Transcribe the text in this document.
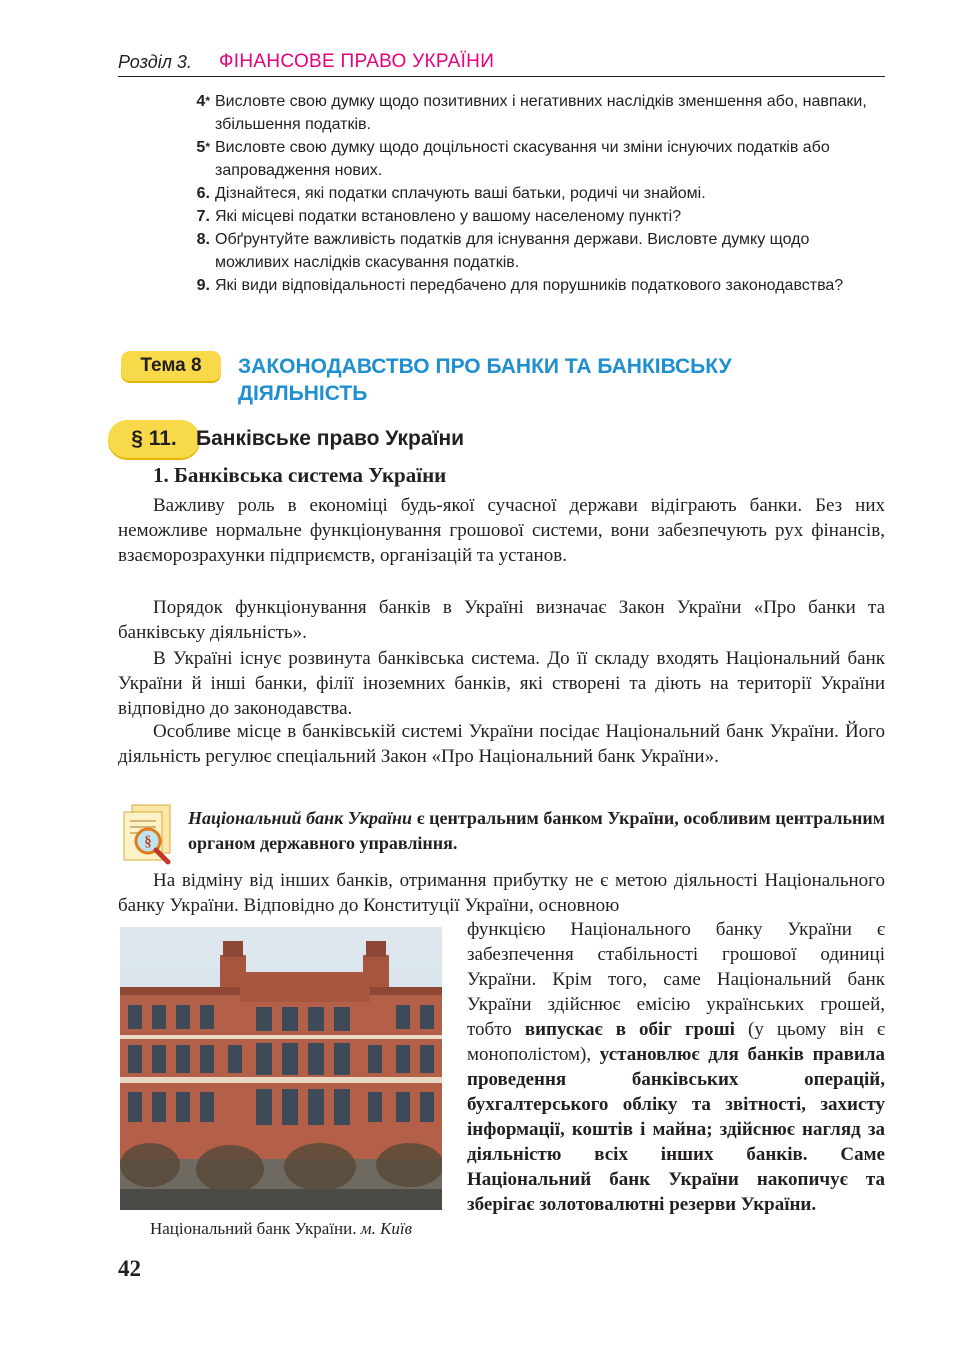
Розділ 3. ФІНАНСОВЕ ПРАВО УКРАЇНИ
4* Висловте свою думку щодо позитивних і негативних наслідків зменшення або, навпаки, збільшення податків.
5* Висловте свою думку щодо доцільності скасування чи зміни існуючих податків або запровадження нових.
6. Дізнайтеся, які податки сплачують ваші батьки, родичі чи знайомі.
7. Які місцеві податки встановлено у вашому населеному пункті?
8. Обґрунтуйте важливість податків для існування держави. Висловте думку щодо можливих наслідків скасування податків.
9. Які види відповідальності передбачено для порушників податкового законодавства?
Тема 8	ЗАКОНОДАВСТВО ПРО БАНКИ ТА БАНКІВСЬКУ ДІЯЛЬНІСТЬ
§ 11. Банківське право України
1. Банківська система України

Важливу роль в економіці будь-якої сучасної держави відіграють банки. Без них неможливе нормальне функціонування грошової системи, вони забезпечують рух фінансів, взаєморозрахунки підприємств, організацій та установ.

Порядок функціонування банків в Україні визначає Закон України «Про банки та банківську діяльність».

В Україні існує розвинута банківська система. До її складу входять Національний банк України й інші банки, філії іноземних банків, які створені та діють на території України відповідно до законодавства.

Особливе місце в банківській системі України посідає Національний банк України. Його діяльність регулює спеціальний Закон «Про Національний банк України».

§

Національний банк України є центральним банком України, особливим центральним органом державного управління.

На відміну від інших банків, отримання прибутку не є метою діяльності Національного банку України. Відповідно до Конституції України, основною

Національний банк України. м. Київ

функцією Національного банку України є забезпечення стабільності грошової одиниці України. Крім того, саме Національний банк України здійснює емісію українських грошей, тобто випускає в обіг гроші (у цьому він є монополістом), установлює для банків правила проведення банківських операцій, бухгалтерського обліку та звітності, захисту інформації, коштів і майна; здійснює нагляд за діяльністю всіх інших банків. Саме Національний банк України накопичує та зберігає золотовалютні резерви України.

42
